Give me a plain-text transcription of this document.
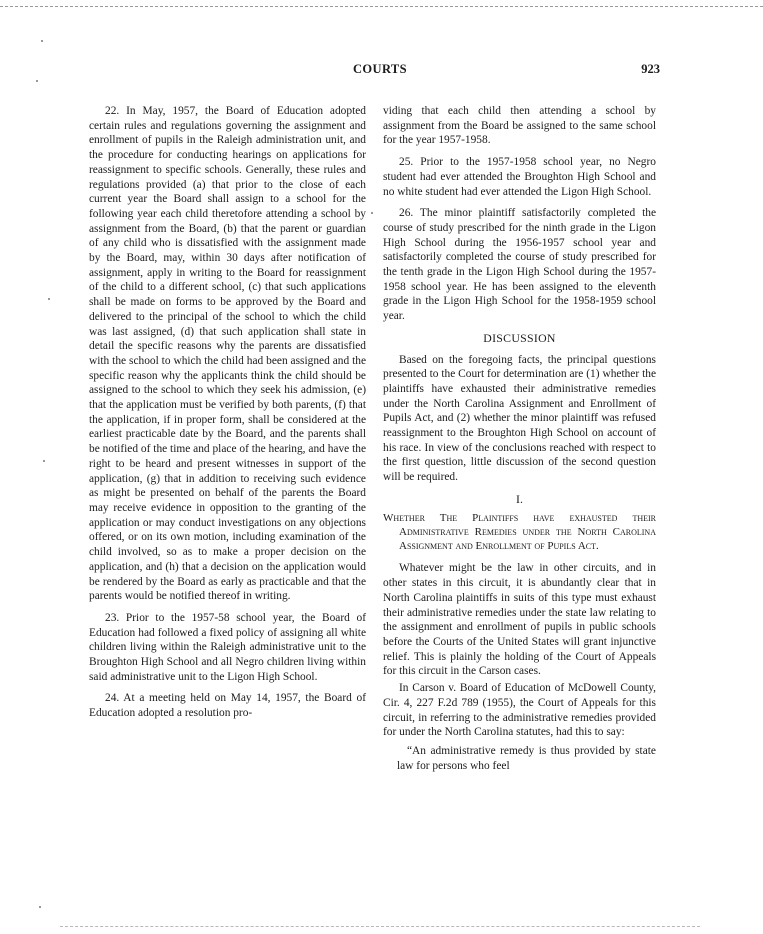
COURTS	923

22. In May, 1957, the Board of Education adopted certain rules and regulations governing the assignment and enrollment of pupils in the Raleigh administration unit, and the procedure for conducting hearings on applications for reassignment to specific schools. Generally, these rules and regulations provided (a) that prior to the close of each current year the Board shall assign to a school for the following year each child theretofore attending a school by assignment from the Board, (b) that the parent or guardian of any child who is dissatisfied with the assignment made by the Board, may, within 30 days after notification of assignment, apply in writing to the Board for reassignment of the child to a different school, (c) that such applications shall be made on forms to be approved by the Board and delivered to the principal of the school to which the child was last assigned, (d) that such application shall state in detail the specific reasons why the parents are dissatisfied with the school to which the child had been assigned and the specific reason why the applicants think the child should be assigned to the school to which they seek his admission, (e) that the application must be verified by both parents, (f) that the application, if in proper form, shall be considered at the earliest practicable date by the Board, and the parents shall be notified of the time and place of the hearing, and have the right to be heard and present witnesses in support of the application, (g) that in addition to receiving such evidence as might be presented on behalf of the parents the Board may receive evidence in opposition to the granting of the application or may conduct investigations on any objections offered, or on its own motion, including examination of the child involved, so as to make a proper decision on the application, and (h) that a decision on the application would be rendered by the Board as early as practicable and that the parents would be notified thereof in writing.

23. Prior to the 1957-58 school year, the Board of Education had followed a fixed policy of assigning all white children living within the Raleigh administrative unit to the Broughton High School and all Negro children living within said administrative unit to the Ligon High School.

24. At a meeting held on May 14, 1957, the Board of Education adopted a resolution pro-

viding that each child then attending a school by assignment from the Board be assigned to the same school for the year 1957-1958.

25. Prior to the 1957-1958 school year, no Negro student had ever attended the Broughton High School and no white student had ever attended the Ligon High School.

26. The minor plaintiff satisfactorily completed the course of study prescribed for the ninth grade in the Ligon High School during the 1956-1957 school year and satisfactorily completed the course of study prescribed for the tenth grade in the Ligon High School during the 1957-1958 school year. He has been assigned to the eleventh grade in the Ligon High School for the 1958-1959 school year.

DISCUSSION

Based on the foregoing facts, the principal questions presented to the Court for determination are (1) whether the plaintiffs have exhausted their administrative remedies under the North Carolina Assignment and Enrollment of Pupils Act, and (2) whether the minor plaintiff was refused reassignment to the Broughton High School on account of his race. In view of the conclusions reached with respect to the first question, little discussion of the second question will be required.

I.
Whether The Plaintiffs have exhausted their Administrative Remedies under the North Carolina Assignment and Enrollment of Pupils Act.

Whatever might be the law in other circuits, and in other states in this circuit, it is abundantly clear that in North Carolina plaintiffs in suits of this type must exhaust their administrative remedies under the state law relating to the assignment and enrollment of pupils in public schools before the Courts of the United States will grant injunctive relief. This is plainly the holding of the Court of Appeals for this circuit in the Carson cases.

In Carson v. Board of Education of McDowell County, Cir. 4, 227 F.2d 789 (1955), the Court of Appeals for this circuit, in referring to the administrative remedies provided for under the North Carolina statutes, had this to say:

“An administrative remedy is thus provided by state law for persons who feel
